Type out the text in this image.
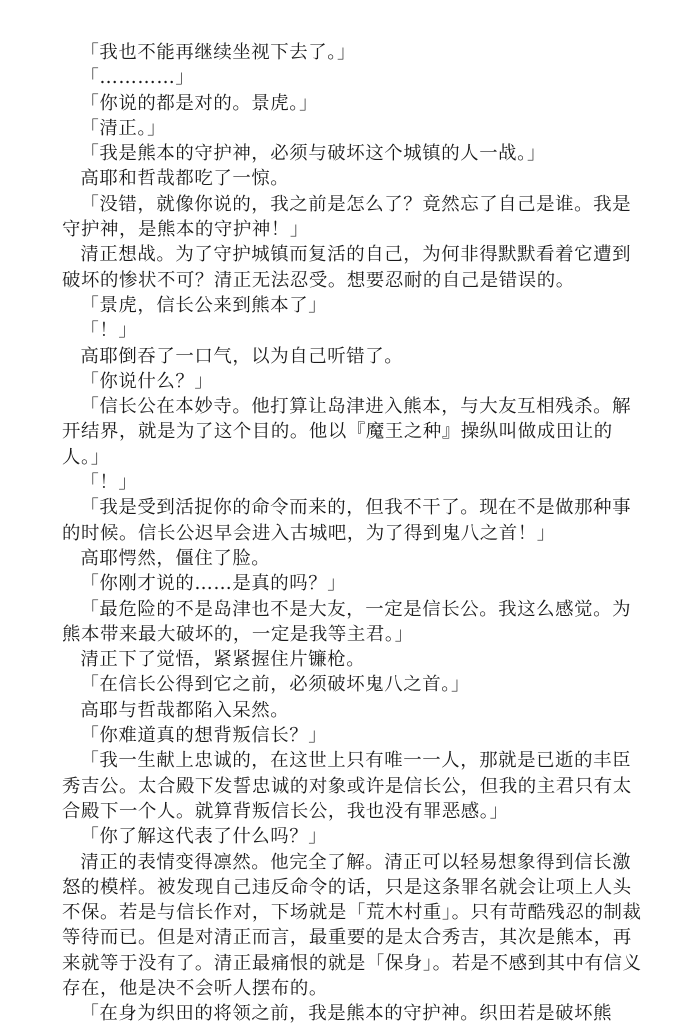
「我也不能再继续坐视下去了。」

「…………」

「你说的都是对的。景虎。」

「清正。」

「我是熊本的守护神，必须与破坏这个城镇的人一战。」

高耶和哲哉都吃了一惊。

「没错，就像你说的，我之前是怎么了？竟然忘了自己是谁。我是守护神，是熊本的守护神！」

清正想战。为了守护城镇而复活的自己，为何非得默默看着它遭到破坏的惨状不可？清正无法忍受。想要忍耐的自己是错误的。

「景虎，信长公来到熊本了」

「！」

高耶倒吞了一口气，以为自己听错了。

「你说什么？」

「信长公在本妙寺。他打算让岛津进入熊本，与大友互相残杀。解开结界，就是为了这个目的。他以『魔王之种』操纵叫做成田让的人。」

「！」

「我是受到活捉你的命令而来的，但我不干了。现在不是做那种事的时候。信长公迟早会进入古城吧，为了得到鬼八之首！」

高耶愕然，僵住了脸。

「你刚才说的……是真的吗？」

「最危险的不是岛津也不是大友，一定是信长公。我这么感觉。为熊本带来最大破坏的，一定是我等主君。」

清正下了觉悟，紧紧握住片镰枪。

「在信长公得到它之前，必须破坏鬼八之首。」

高耶与哲哉都陷入呆然。

「你难道真的想背叛信长？」

「我一生献上忠诚的，在这世上只有唯一一人，那就是已逝的丰臣秀吉公。太合殿下发誓忠诚的对象或许是信长公，但我的主君只有太合殿下一个人。就算背叛信长公，我也没有罪恶感。」

「你了解这代表了什么吗？」

清正的表情变得凛然。他完全了解。清正可以轻易想象得到信长激怒的模样。被发现自己违反命令的话，只是这条罪名就会让项上人头不保。若是与信长作对，下场就是「荒木村重」。只有苛酷残忍的制裁等待而已。但是对清正而言，最重要的是太合秀吉，其次是熊本，再来就等于没有了。清正最痛恨的就是「保身」。若是不感到其中有信义存在，他是决不会听人摆布的。

「在身为织田的将领之前，我是熊本的守护神。织田若是破坏熊
